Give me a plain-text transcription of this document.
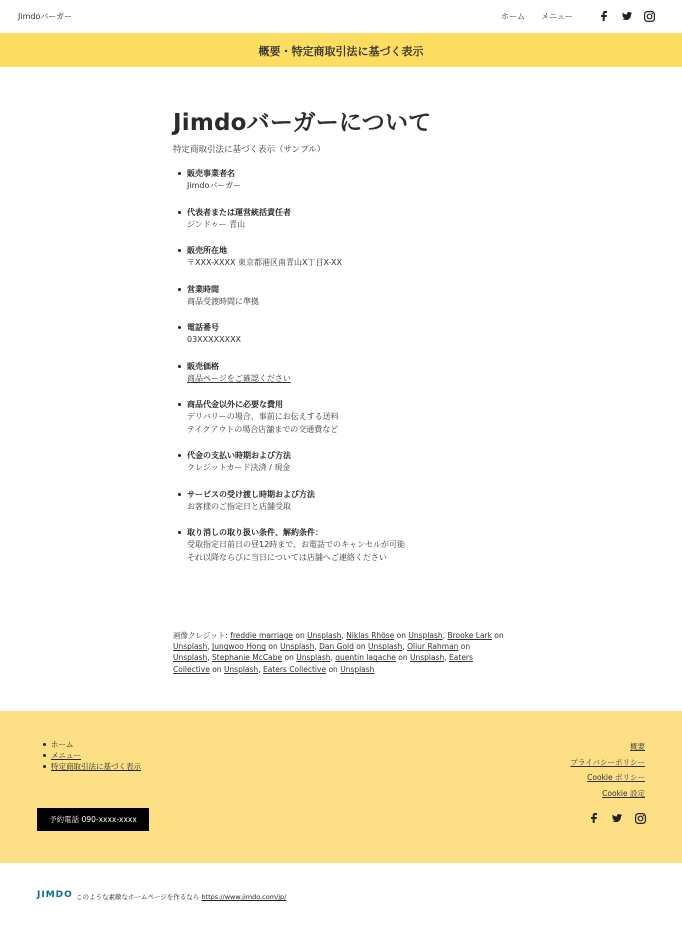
Jimdoバーガー	ホーム メニュー
概要・特定商取引法に基づく表示
Jimdoバーガーについて

特定商取引法に基づく表示（サンプル）

販売事業者名
Jimdoバーガー
代表者または運営統括責任者
ジンドゥー 青山
販売所在地
〒XXX-XXXX 東京都港区南青山X丁目X-XX
営業時間
商品受渡時間に準拠
電話番号
03XXXXXXXX
販売価格
商品ページをご確認ください
商品代金以外に必要な費用
デリバリーの場合、事前にお伝えする送料
テイクアウトの場合店舗までの交通費など
代金の支払い時期および方法
クレジットカード決済 / 現金
サービスの受け渡し時期および方法
お客様のご指定日と店舗受取
取り消しの取り扱い条件、解約条件：
受取指定日前日の昼12時まで、お電話でのキャンセルが可能
それ以降ならびに当日については店舗へご連絡ください

画像クレジット: freddie marriage on Unsplash, Niklas Rhöse on Unsplash, Brooke Lark on Unsplash, Jungwoo Hong on Unsplash, Dan Gold on Unsplash, Oliur Rahman on Unsplash, Stephanie McCabe on Unsplash, quentin lagache on Unsplash, Eaters Collective on Unsplash, Eaters Collective on Unsplash

ホーム
メニュー
特定商取引法に基づく表示
概要
プライバシーポリシー
Cookie ポリシー
Cookie 設定
予約電話 090-xxxx-xxxx
JIMDO このような素敵なホームページを作るなら https://www.jimdo.com/jp/
